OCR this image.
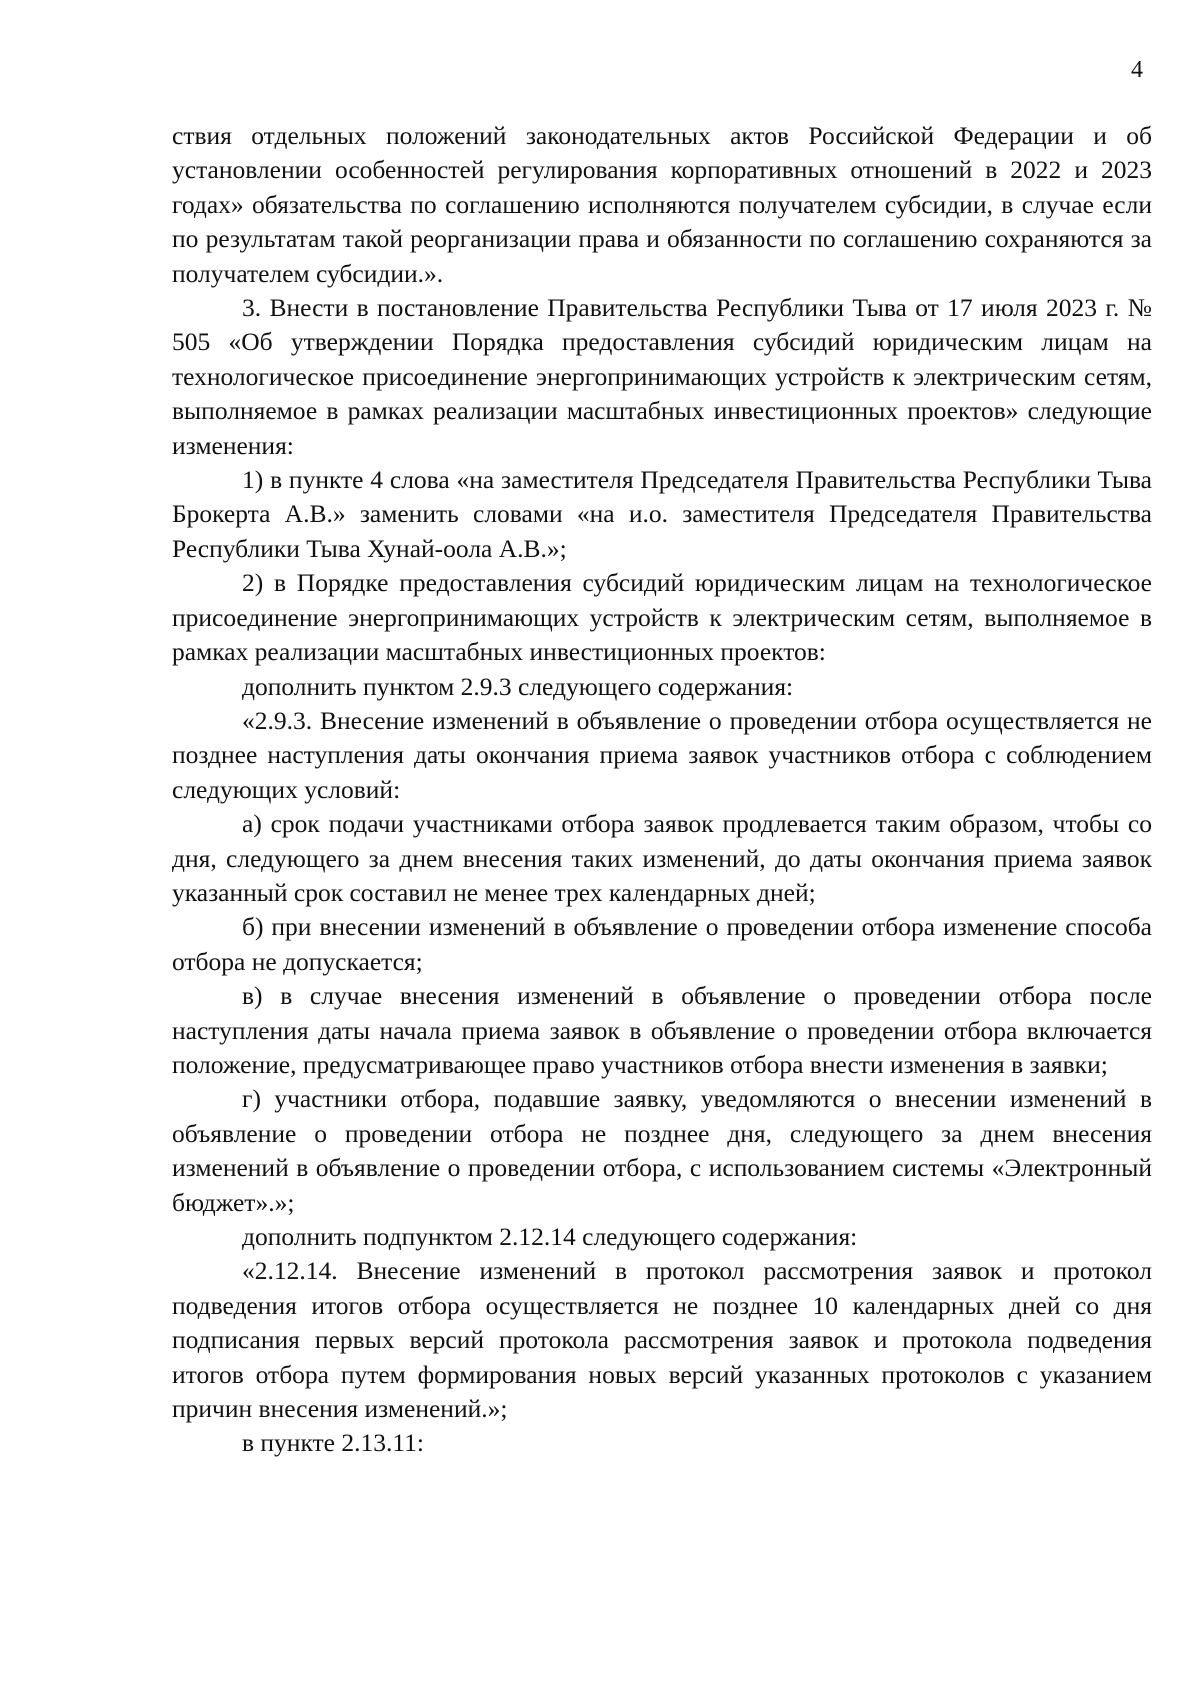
4

ствия отдельных положений законодательных актов Российской Федерации и об установлении особенностей регулирования корпоративных отношений в 2022 и 2023 годах» обязательства по соглашению исполняются получателем субсидии, в случае если по результатам такой реорганизации права и обязанности по соглашению сохраняются за получателем субсидии.».

3. Внести в постановление Правительства Республики Тыва от 17 июля 2023 г. № 505 «Об утверждении Порядка предоставления субсидий юридическим лицам на технологическое присоединение энергопринимающих устройств к электрическим сетям, выполняемое в рамках реализации масштабных инвестиционных проектов» следующие изменения:

1) в пункте 4 слова «на заместителя Председателя Правительства Республики Тыва Брокерта А.В.» заменить словами «на и.о. заместителя Председателя Правительства Республики Тыва Хунай-оола А.В.»;

2) в Порядке предоставления субсидий юридическим лицам на технологическое присоединение энергопринимающих устройств к электрическим сетям, выполняемое в рамках реализации масштабных инвестиционных проектов:

дополнить пунктом 2.9.3 следующего содержания:

«2.9.3. Внесение изменений в объявление о проведении отбора осуществляется не позднее наступления даты окончания приема заявок участников отбора с соблюдением следующих условий:

а) срок подачи участниками отбора заявок продлевается таким образом, чтобы со дня, следующего за днем внесения таких изменений, до даты окончания приема заявок указанный срок составил не менее трех календарных дней;

б) при внесении изменений в объявление о проведении отбора изменение способа отбора не допускается;

в) в случае внесения изменений в объявление о проведении отбора после наступления даты начала приема заявок в объявление о проведении отбора включается положение, предусматривающее право участников отбора внести изменения в заявки;

г) участники отбора, подавшие заявку, уведомляются о внесении изменений в объявление о проведении отбора не позднее дня, следующего за днем внесения изменений в объявление о проведении отбора, с использованием системы «Электронный бюджет».»;

дополнить подпунктом 2.12.14 следующего содержания:

«2.12.14. Внесение изменений в протокол рассмотрения заявок и протокол подведения итогов отбора осуществляется не позднее 10 календарных дней со дня подписания первых версий протокола рассмотрения заявок и протокола подведения итогов отбора путем формирования новых версий указанных протоколов с указанием причин внесения изменений.»;

в пункте 2.13.11:
